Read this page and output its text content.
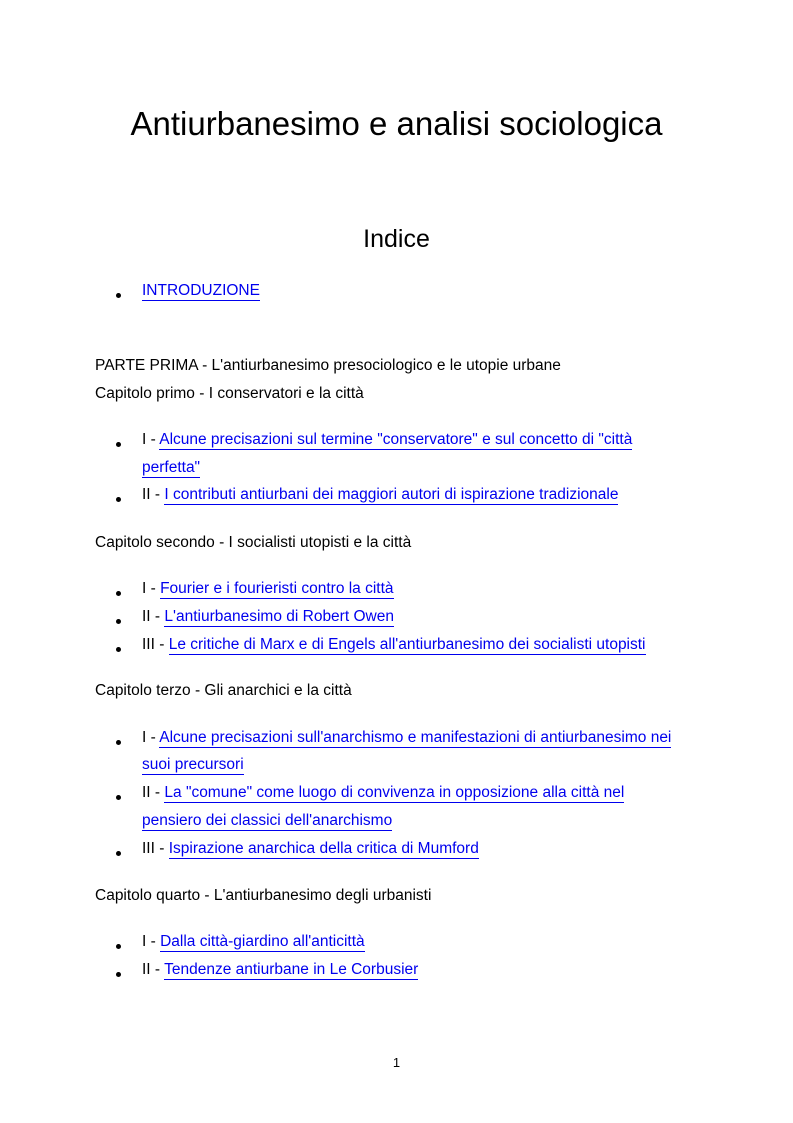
Antiurbanesimo e analisi sociologica
Indice
INTRODUZIONE
PARTE PRIMA - L'antiurbanesimo presociologico e le utopie urbane
Capitolo primo - I conservatori e la città
I - Alcune precisazioni sul termine "conservatore" e sul concetto di "città
perfetta"
II - I contributi antiurbani dei maggiori autori di ispirazione tradizionale
Capitolo secondo - I socialisti utopisti e la città
I - Fourier e i fourieristi contro la città
II - L'antiurbanesimo di Robert Owen
III - Le critiche di Marx e di Engels all'antiurbanesimo dei socialisti utopisti
Capitolo terzo - Gli anarchici e la città
I - Alcune precisazioni sull'anarchismo e manifestazioni di antiurbanesimo nei
suoi precursori
II - La "comune" come luogo di convivenza in opposizione alla città nel
pensiero dei classici dell'anarchismo
III - Ispirazione anarchica della critica di Mumford
Capitolo quarto - L'antiurbanesimo degli urbanisti
I - Dalla città-giardino all'anticittà
II - Tendenze antiurbane in Le Corbusier
1
